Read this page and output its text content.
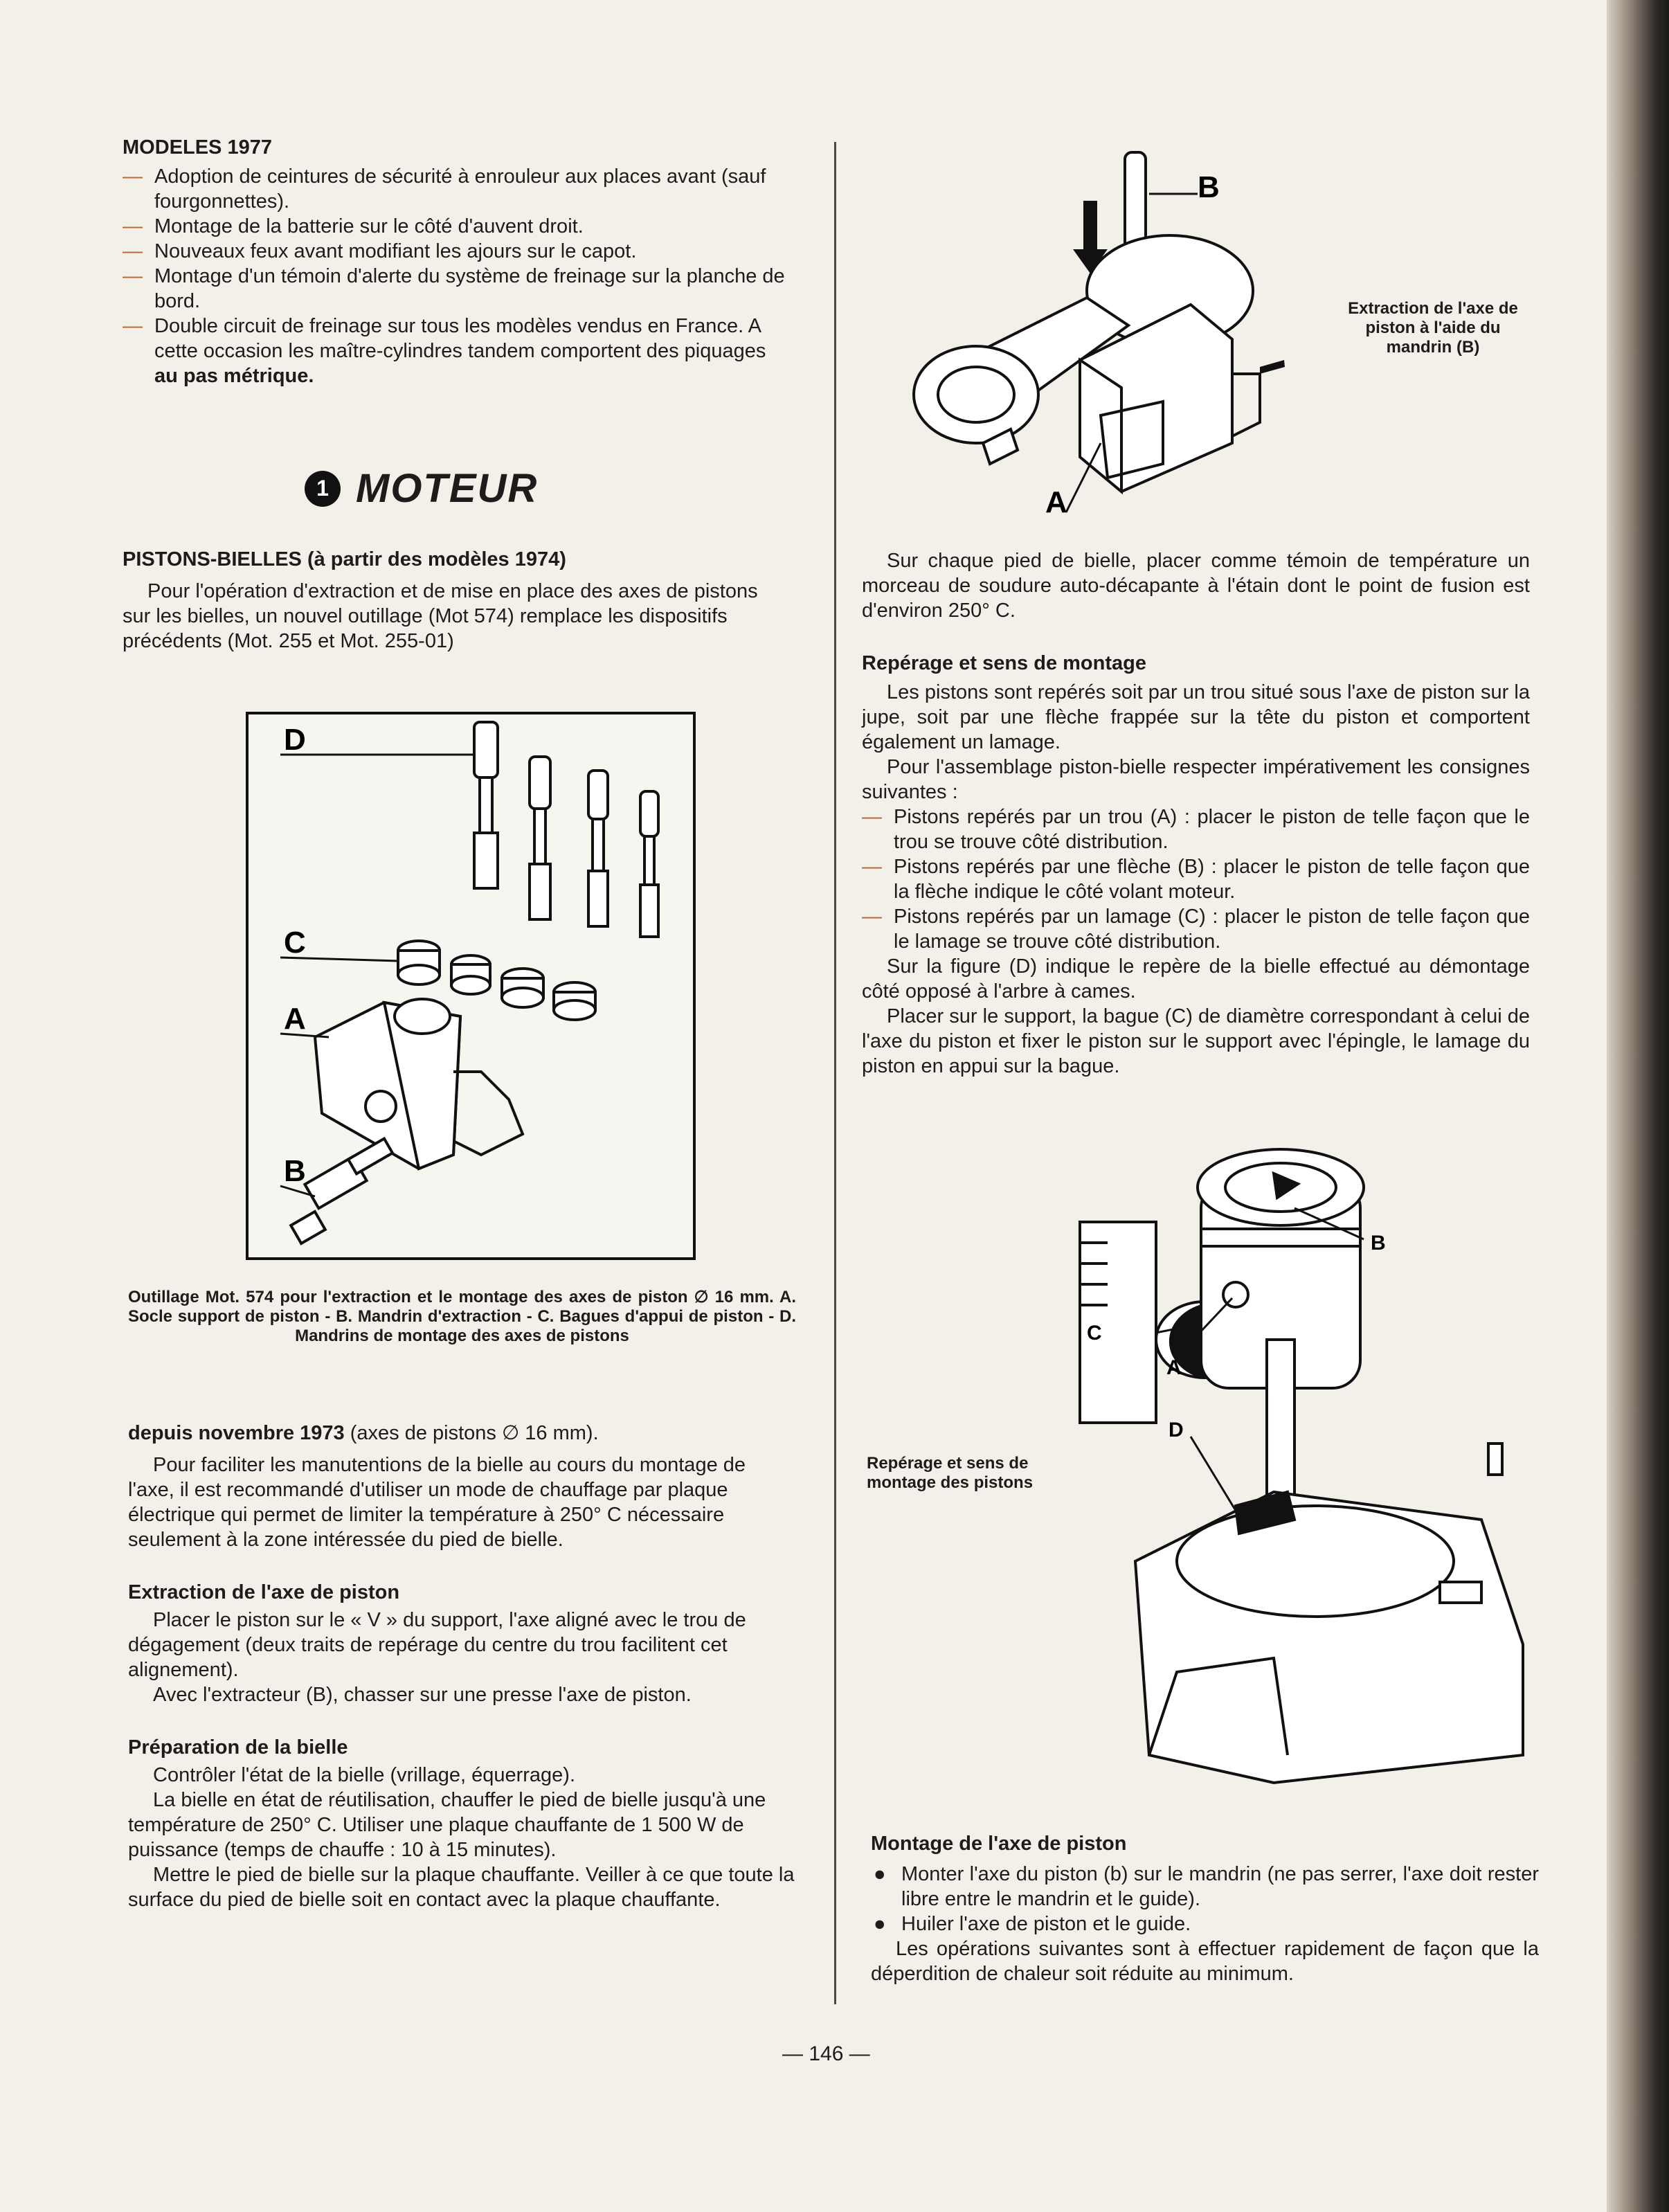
MODELES 1977

— Adoption de ceintures de sécurité à enrouleur aux places avant (sauf fourgonnettes).

— Montage de la batterie sur le côté d'auvent droit.

— Nouveaux feux avant modifiant les ajours sur le capot.

— Montage d'un témoin d'alerte du système de freinage sur la planche de bord.

— Double circuit de freinage sur tous les modèles vendus en France. A cette occasion les maître-cylindres tandem comportent des piquages au pas métrique.

1 MOTEUR

PISTONS-BIELLES (à partir des modèles 1974)

Pour l'opération d'extraction et de mise en place des axes de pistons sur les bielles, un nouvel outillage (Mot 574) remplace les dispositifs précédents (Mot. 255 et Mot. 255-01)

D
C
A
B
Outillage Mot. 574 pour l'extraction et le montage des axes de piston ∅ 16 mm. A. Socle support de piston - B. Mandrin d'extraction - C. Bagues d'appui de piston - D. Mandrins de montage des axes de pistons

depuis novembre 1973 (axes de pistons ∅ 16 mm).

Pour faciliter les manutentions de la bielle au cours du montage de l'axe, il est recommandé d'utiliser un mode de chauffage par plaque électrique qui permet de limiter la température à 250° C nécessaire seulement à la zone intéressée du pied de bielle.

Extraction de l'axe de piston

Placer le piston sur le « V » du support, l'axe aligné avec le trou de dégagement (deux traits de repérage du centre du trou facilitent cet alignement).

Avec l'extracteur (B), chasser sur une presse l'axe de piston.

Préparation de la bielle

Contrôler l'état de la bielle (vrillage, équerrage).

La bielle en état de réutilisation, chauffer le pied de bielle jusqu'à une température de 250° C. Utiliser une plaque chauffante de 1 500 W de puissance (temps de chauffe : 10 à 15 minutes).

Mettre le pied de bielle sur la plaque chauffante. Veiller à ce que toute la surface du pied de bielle soit en contact avec la plaque chauffante.

B
A
Extraction de l'axe de piston à l'aide du mandrin (B)

Sur chaque pied de bielle, placer comme témoin de température un morceau de soudure auto-décapante à l'étain dont le point de fusion est d'environ 250° C.

Repérage et sens de montage

Les pistons sont repérés soit par un trou situé sous l'axe de piston sur la jupe, soit par une flèche frappée sur la tête du piston et comportent également un lamage.

Pour l'assemblage piston-bielle respecter impérativement les consignes suivantes :

— Pistons repérés par un trou (A) : placer le piston de telle façon que le trou se trouve côté distribution.

— Pistons repérés par une flèche (B) : placer le piston de telle façon que la flèche indique le côté volant moteur.

— Pistons repérés par un lamage (C) : placer le piston de telle façon que le lamage se trouve côté distribution.

Sur la figure (D) indique le repère de la bielle effectué au démontage côté opposé à l'arbre à cames.

Placer sur le support, la bague (C) de diamètre correspondant à celui de l'axe du piston et fixer le piston sur le support avec l'épingle, le lamage du piston en appui sur la bague.

B
C
A
D
Repérage et sens de montage des pistons

Montage de l'axe de piston

● Monter l'axe du piston (b) sur le mandrin (ne pas serrer, l'axe doit rester libre entre le mandrin et le guide).

● Huiler l'axe de piston et le guide.

Les opérations suivantes sont à effectuer rapidement de façon que la déperdition de chaleur soit réduite au minimum.

— 146 —
